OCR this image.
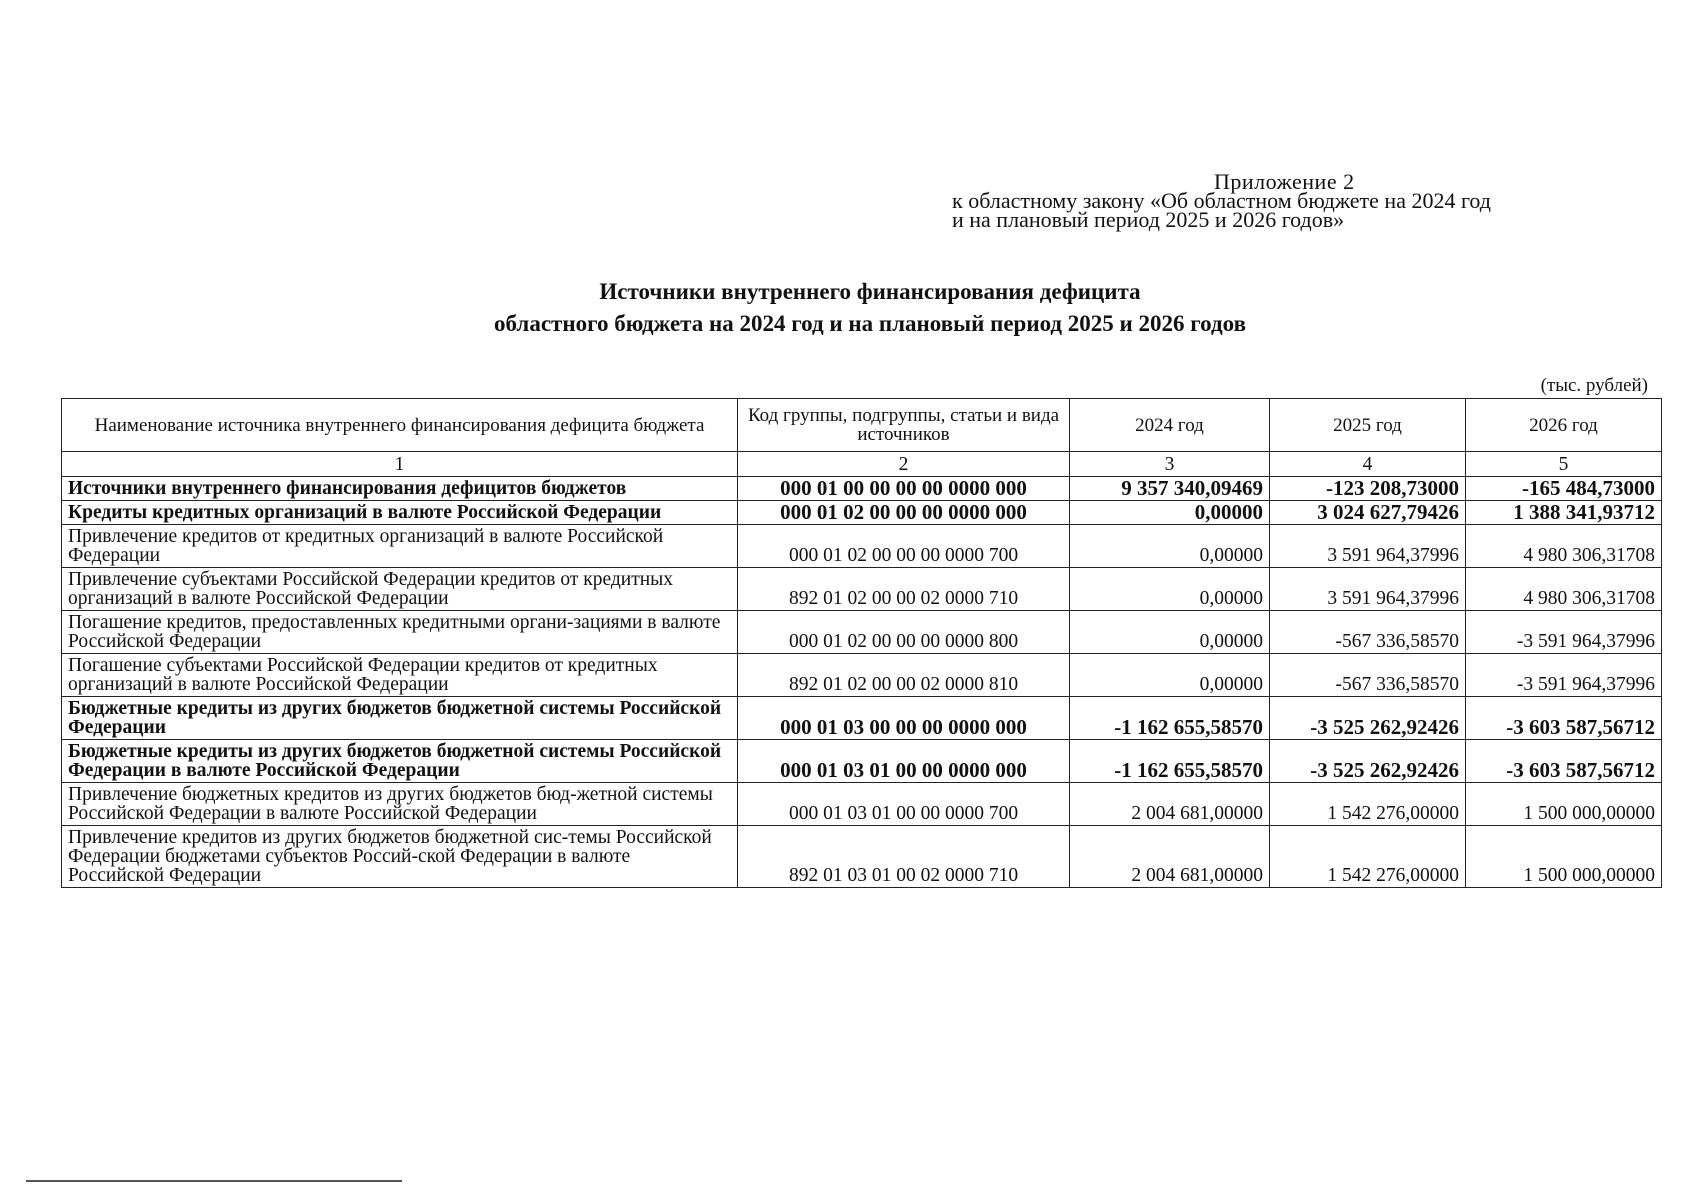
Приложение 2
к областному закону «Об областном бюджете на 2024 год
и на плановый период 2025 и 2026 годов»
Источники внутреннего финансирования дефицита
областного бюджета на 2024 год и на плановый период 2025 и 2026 годов
(тыс. рублей)
Наименование источника внутреннего финансирования дефицита бюджета	Код группы, подгруппы, статьи и вида источников	2024 год	2025 год	2026 год
1	2	3	4	5
Источники внутреннего финансирования дефицитов бюджетов	000 01 00 00 00 00 0000 000	9 357 340,09469	-123 208,73000	-165 484,73000
Кредиты кредитных организаций в валюте Российской Федерации	000 01 02 00 00 00 0000 000	0,00000	3 024 627,79426	1 388 341,93712
Привлечение кредитов от кредитных организаций в валюте Российской Федерации	000 01 02 00 00 00 0000 700	0,00000	3 591 964,37996	4 980 306,31708
Привлечение субъектами Российской Федерации кредитов от кредитных организаций в валюте Российской Федерации	892 01 02 00 00 02 0000 710	0,00000	3 591 964,37996	4 980 306,31708
Погашение кредитов, предоставленных кредитными органи-зациями в валюте Российской Федерации	000 01 02 00 00 00 0000 800	0,00000	-567 336,58570	-3 591 964,37996
Погашение субъектами Российской Федерации кредитов от кредитных организаций в валюте Российской Федерации	892 01 02 00 00 02 0000 810	0,00000	-567 336,58570	-3 591 964,37996
Бюджетные кредиты из других бюджетов бюджетной системы Российской Федерации	000 01 03 00 00 00 0000 000	-1 162 655,58570	-3 525 262,92426	-3 603 587,56712
Бюджетные кредиты из других бюджетов бюджетной системы Российской Федерации в валюте Российской Федерации	000 01 03 01 00 00 0000 000	-1 162 655,58570	-3 525 262,92426	-3 603 587,56712
Привлечение бюджетных кредитов из других бюджетов бюд-жетной системы Российской Федерации в валюте Российской Федерации	000 01 03 01 00 00 0000 700	2 004 681,00000	1 542 276,00000	1 500 000,00000
Привлечение кредитов из других бюджетов бюджетной сис-темы Российской Федерации бюджетами субъектов Россий-ской Федерации в валюте Российской Федерации	892 01 03 01 00 02 0000 710	2 004 681,00000	1 542 276,00000	1 500 000,00000
